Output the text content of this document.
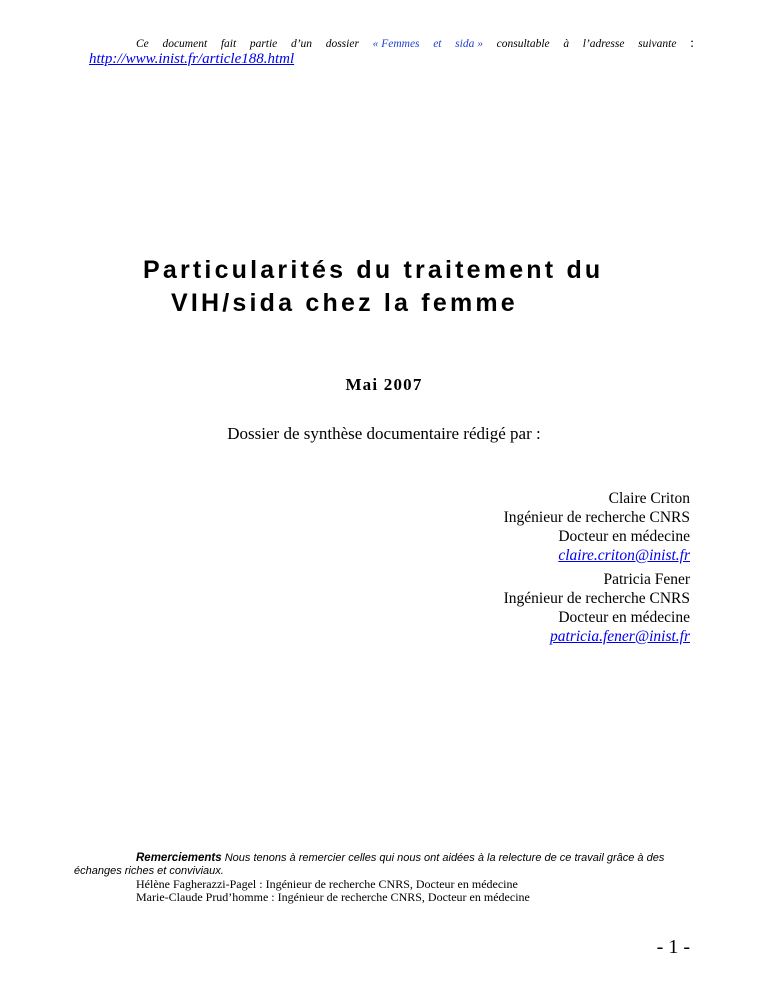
Ce document fait partie d’un dossier « Femmes et sida » consultable à l’adresse suivante :
http://www.inist.fr/article188.html
Particularités du traitement du
VIH/sida chez la femme
Mai 2007
Dossier de synthèse documentaire rédigé par :
Claire Criton
Ingénieur de recherche CNRS
Docteur en médecine
claire.criton@inist.fr
Patricia Fener
Ingénieur de recherche CNRS
Docteur en médecine
patricia.fener@inist.fr
Remerciements Nous tenons à remercier celles qui nous ont aidées à la relecture de ce travail grâce à des échanges riches et conviviaux.
Hélène Fagherazzi-Pagel : Ingénieur de recherche CNRS, Docteur en médecine
Marie-Claude Prud’homme : Ingénieur de recherche CNRS, Docteur en médecine
- 1 -
